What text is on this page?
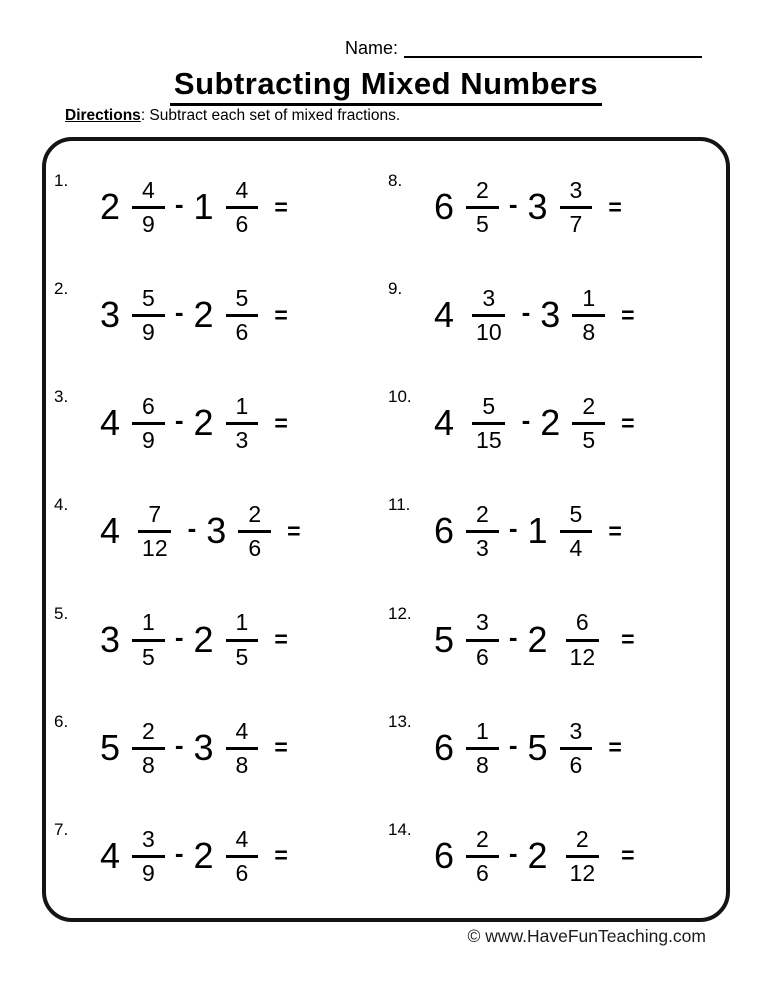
Name:
Subtracting Mixed Numbers
Directions: Subtract each set of mixed fractions.
1.
$2 \frac{4}{9} - 1 \frac{4}{6}$ =
2.
$3 \frac{5}{9} - 2 \frac{5}{6}$ =
3.
$4 \frac{6}{9} - 2 \frac{1}{3}$ =
4.
$4 \frac{7}{12} - 3 \frac{2}{6}$ =
5.
$3 \frac{1}{5} - 2 \frac{1}{5}$ =
6.
$5 \frac{2}{8} - 3 \frac{4}{8}$ =
7.
$4 \frac{3}{9} - 2 \frac{4}{6}$ =
8.
$6 \frac{2}{5} - 3 \frac{3}{7}$ =
9.
$4 \frac{3}{10} - 3 \frac{1}{8}$ =
10.
$4 \frac{5}{15} - 2 \frac{2}{5}$ =
11.
$6 \frac{2}{3} - 1 \frac{5}{4}$ =
12.
$5 \frac{3}{6} - 2 \frac{6}{12}$ =
13.
$6 \frac{1}{8} - 5 \frac{3}{6}$ =
14.
$6 \frac{2}{6} - 2 \frac{2}{12}$ =
© www.HaveFunTeaching.com
